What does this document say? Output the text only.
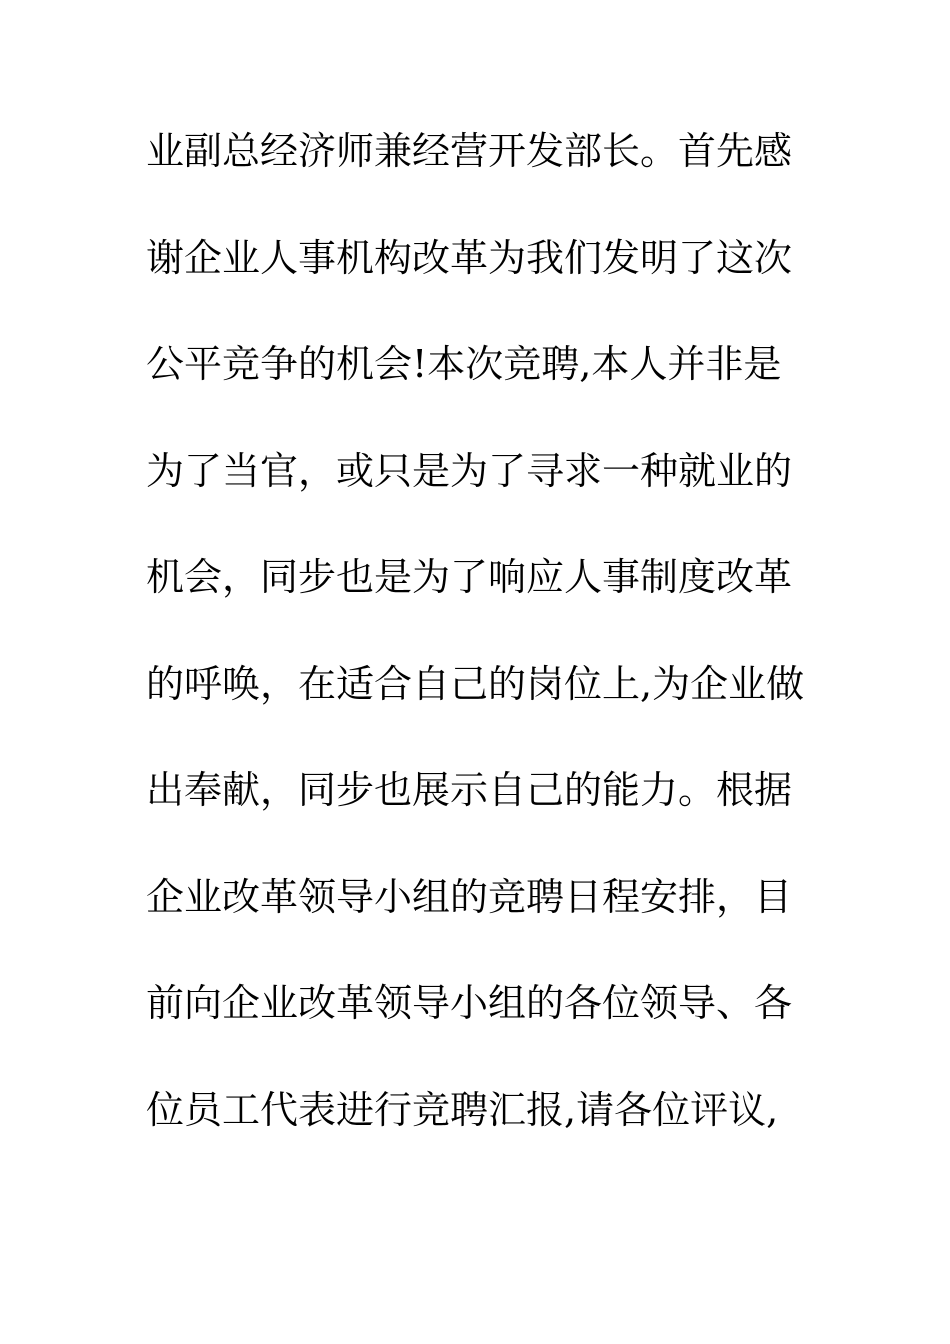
业副总经济师兼经营开发部长。首先感
谢企业人事机构改革为我们发明了这次
公平竞争的机会!本次竞聘,本人并非是
为了当官，或只是为了寻求一种就业的
机会，同步也是为了响应人事制度改革
的呼唤，在适合自己的岗位上,为企业做
出奉献，同步也展示自己的能力。根据
企业改革领导小组的竞聘日程安排，目
前向企业改革领导小组的各位领导、各
位员工代表进行竞聘汇报,请各位评议,
